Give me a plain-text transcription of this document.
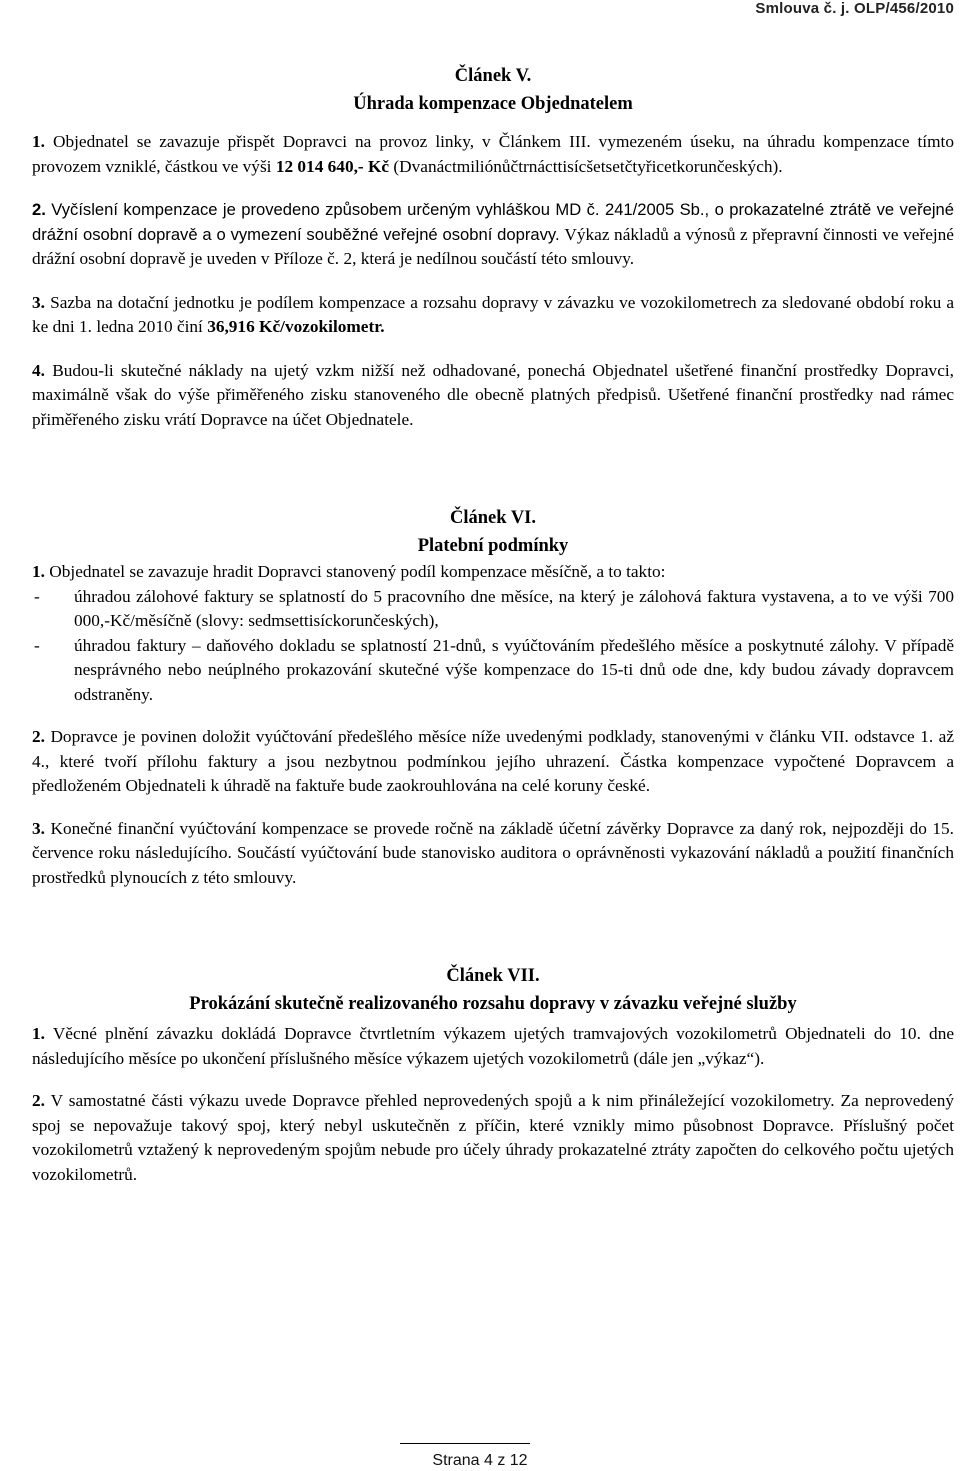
Smlouva č. j. OLP/456/2010
Článek V.
Úhrada kompenzace Objednatelem

1. Objednatel se zavazuje přispět Dopravci na provoz linky, v Článkem III. vymezeném úseku, na úhradu kompenzace tímto provozem vzniklé, částkou ve výši 12 014 640,- Kč (Dvanáctmiliónůčtrnácttisícšetsetčtyřicetkorunčeských).

2. Vyčíslení kompenzace je provedeno způsobem určeným vyhláškou MD č. 241/2005 Sb., o prokazatelné ztrátě ve veřejné drážní osobní dopravě a o vymezení souběžné veřejné osobní dopravy. Výkaz nákladů a výnosů z přepravní činnosti ve veřejné drážní osobní dopravě je uveden v Příloze č. 2, která je nedílnou součástí této smlouvy.

3. Sazba na dotační jednotku je podílem kompenzace a rozsahu dopravy v závazku ve vozokilometrech za sledované období roku a ke dni 1. ledna 2010 činí 36,916 Kč/vozokilometr.

4. Budou-li skutečné náklady na ujetý vzkm nižší než odhadované, ponechá Objednatel ušetřené finanční prostředky Dopravci, maximálně však do výše přiměřeného zisku stanoveného dle obecně platných předpisů. Ušetřené finanční prostředky nad rámec přiměřeného zisku vrátí Dopravce na účet Objednatele.

Článek VI.
Platební podmínky

1. Objednatel se zavazuje hradit Dopravci stanovený podíl kompenzace měsíčně, a to takto:

- úhradou zálohové faktury se splatností do 5 pracovního dne měsíce, na který je zálohová faktura vystavena, a to ve výši 700 000,-Kč/měsíčně (slovy: sedmsettisíckorunčeských),
- úhradou faktury – daňového dokladu se splatností 21-dnů, s vyúčtováním předešlého měsíce a poskytnuté zálohy. V případě nesprávného nebo neúplného prokazování skutečné výše kompenzace do 15-ti dnů ode dne, kdy budou závady dopravcem odstraněny.

2. Dopravce je povinen doložit vyúčtování předešlého měsíce níže uvedenými podklady, stanovenými v článku VII. odstavce 1. až 4., které tvoří přílohu faktury a jsou nezbytnou podmínkou jejího uhrazení. Částka kompenzace vypočtené Dopravcem a předloženém Objednateli k úhradě na faktuře bude zaokrouhlována na celé koruny české.

3. Konečné finanční vyúčtování kompenzace se provede ročně na základě účetní závěrky Dopravce za daný rok, nejpozději do 15. července roku následujícího. Součástí vyúčtování bude stanovisko auditora o oprávněnosti vykazování nákladů a použití finančních prostředků plynoucích z této smlouvy.

Článek VII.
Prokázání skutečně realizovaného rozsahu dopravy v závazku veřejné služby

1. Věcné plnění závazku dokládá Dopravce čtvrtletním výkazem ujetých tramvajových vozokilometrů Objednateli do 10. dne následujícího měsíce po ukončení příslušného měsíce výkazem ujetých vozokilometrů (dále jen „výkaz“).

2. V samostatné části výkazu uvede Dopravce přehled neprovedených spojů a k nim přináležející vozokilometry. Za neprovedený spoj se nepovažuje takový spoj, který nebyl uskutečněn z příčin, které vznikly mimo působnost Dopravce. Příslušný počet vozokilometrů vztažený k neprovedeným spojům nebude pro účely úhrady prokazatelné ztráty započten do celkového počtu ujetých vozokilometrů.

Strana 4 z 12
